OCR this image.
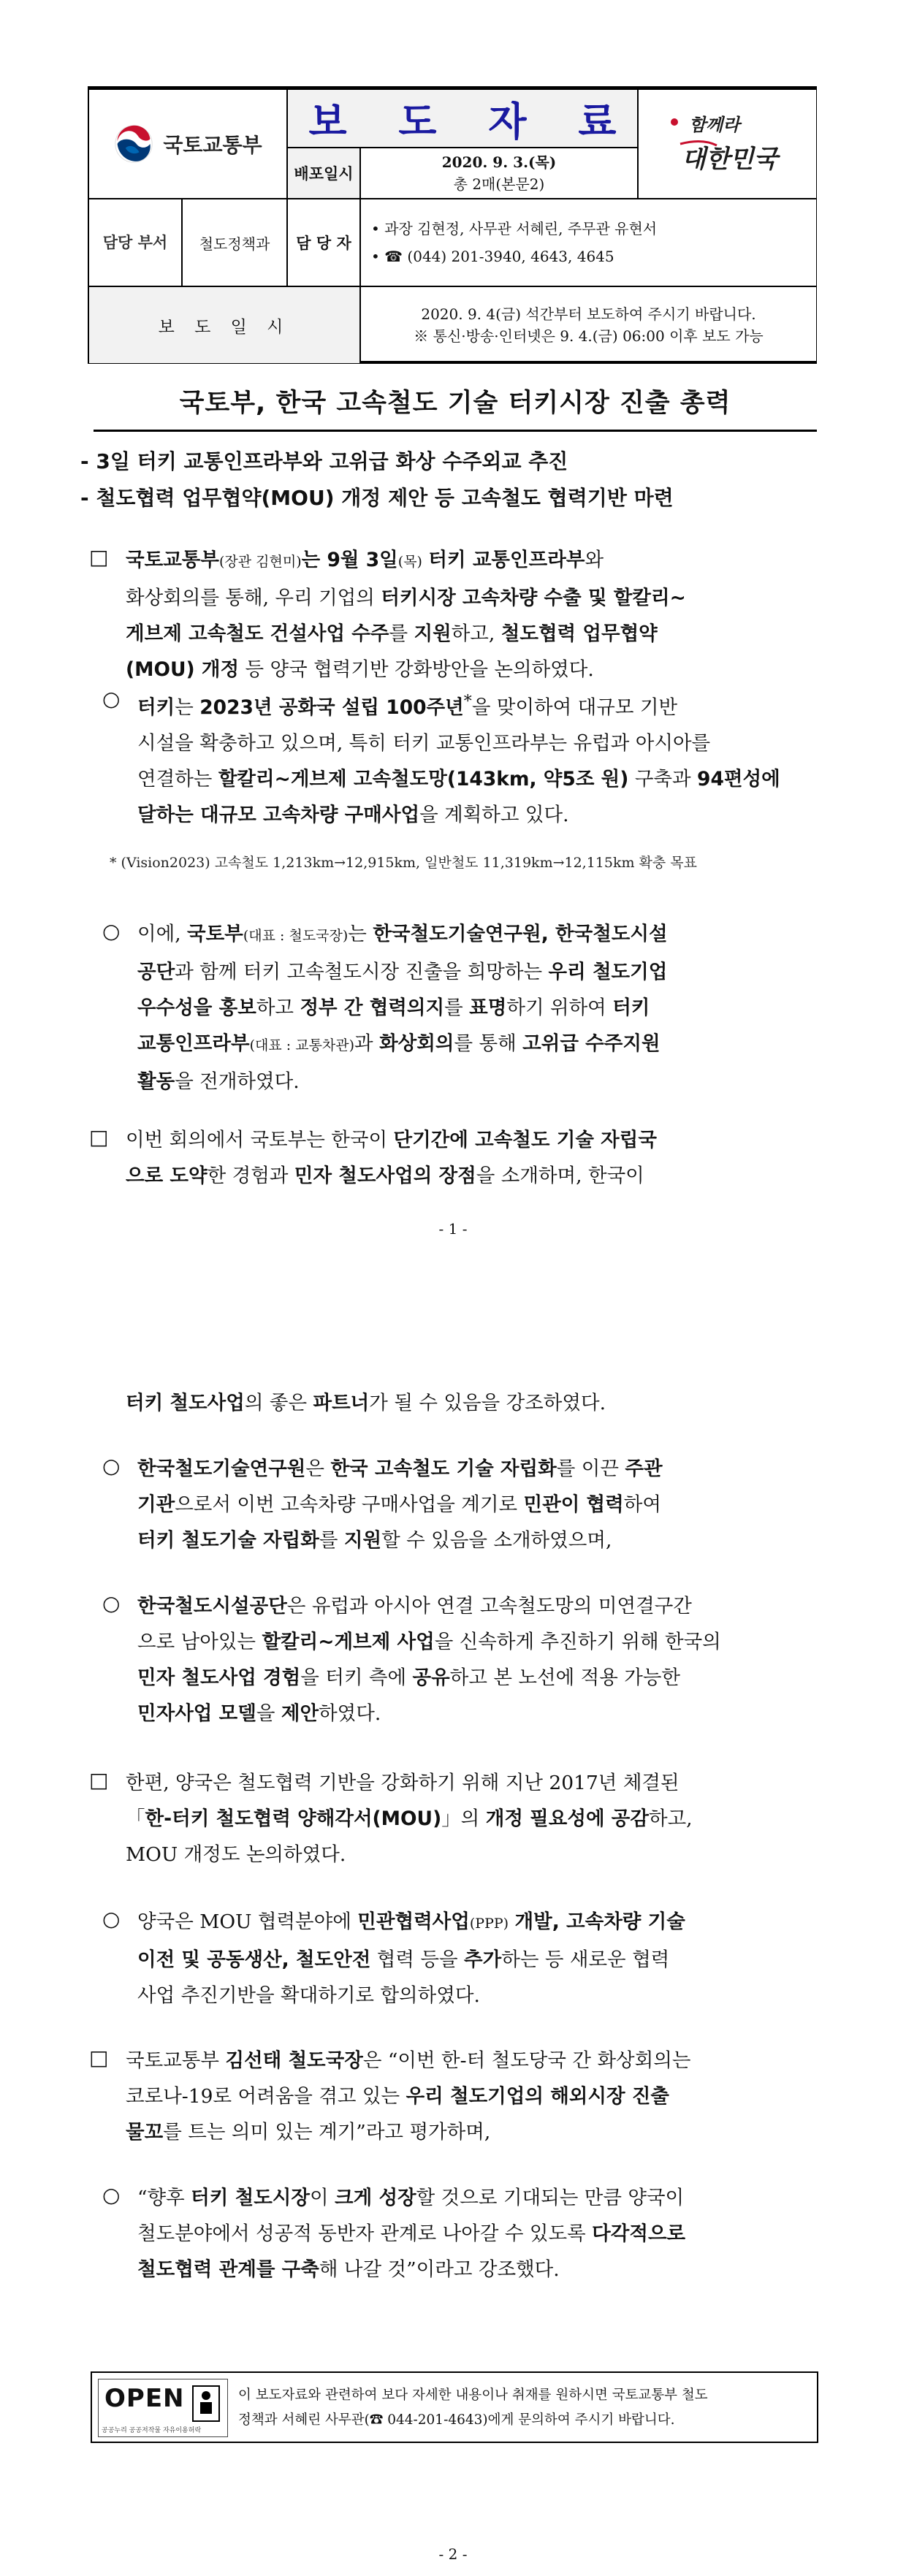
국토교통부
보 도 자 료
배포일시
2020. 9. 3.(목)
총 2매(본문2)
함께라
대한민국
담당 부서	철도정책과	담 당 자
• 과장 김현정, 사무관 서혜린, 주무관 유현서
• ☎ (044) 201-3940, 4643, 4645
보 도 일 시
2020. 9. 4(금) 석간부터 보도하여 주시기 바랍니다.
※ 통신·방송·인터넷은 9. 4.(금) 06:00 이후 보도 가능
국토부, 한국 고속철도 기술 터키시장 진출 총력
- 3일 터키 교통인프라부와 고위급 화상 수주외교 추진
- 철도협력 업무협약(MOU) 개정 제안 등 고속철도 협력기반 마련
□ 국토교통부(장관 김현미)는 9월 3일(목) 터키 교통인프라부와
화상회의를 통해, 우리 기업의 터키시장 고속차량 수출 및 할칼리~
게브제 고속철도 건설사업 수주를 지원하고, 철도협력 업무협약
(MOU) 개정 등 양국 협력기반 강화방안을 논의하였다.
○ 터키는 2023년 공화국 설립 100주년*을 맞이하여 대규모 기반
시설을 확충하고 있으며, 특히 터키 교통인프라부는 유럽과 아시아를
연결하는 할칼리~게브제 고속철도망(143km, 약5조 원) 구축과 94편성에
달하는 대규모 고속차량 구매사업을 계획하고 있다.
* (Vision2023) 고속철도 1,213km→12,915km, 일반철도 11,319km→12,115km 확충 목표
○ 이에, 국토부(대표 : 철도국장)는 한국철도기술연구원, 한국철도시설
공단과 함께 터키 고속철도시장 진출을 희망하는 우리 철도기업
우수성을 홍보하고 정부 간 협력의지를 표명하기 위하여 터키
교통인프라부(대표 : 교통차관)과 화상회의를 통해 고위급 수주지원
활동을 전개하였다.
□ 이번 회의에서 국토부는 한국이 단기간에 고속철도 기술 자립국
으로 도약한 경험과 민자 철도사업의 장점을 소개하며, 한국이
- 1 -
터키 철도사업의 좋은 파트너가 될 수 있음을 강조하였다.
○ 한국철도기술연구원은 한국 고속철도 기술 자립화를 이끈 주관
기관으로서 이번 고속차량 구매사업을 계기로 민관이 협력하여
터키 철도기술 자립화를 지원할 수 있음을 소개하였으며,
○ 한국철도시설공단은 유럽과 아시아 연결 고속철도망의 미연결구간
으로 남아있는 할칼리~게브제 사업을 신속하게 추진하기 위해 한국의
민자 철도사업 경험을 터키 측에 공유하고 본 노선에 적용 가능한
민자사업 모델을 제안하였다.
□ 한편, 양국은 철도협력 기반을 강화하기 위해 지난 2017년 체결된
「한-터키 철도협력 양해각서(MOU)」의 개정 필요성에 공감하고,
MOU 개정도 논의하였다.
○ 양국은 MOU 협력분야에 민관협력사업(PPP) 개발, 고속차량 기술
이전 및 공동생산, 철도안전 협력 등을 추가하는 등 새로운 협력
사업 추진기반을 확대하기로 합의하였다.
□ 국토교통부 김선태 철도국장은 “이번 한-터 철도당국 간 화상회의는
코로나-19로 어려움을 겪고 있는 우리 철도기업의 해외시장 진출
물꼬를 트는 의미 있는 계기”라고 평가하며,
○ “향후 터키 철도시장이 크게 성장할 것으로 기대되는 만큼 양국이
철도분야에서 성공적 동반자 관계로 나아갈 수 있도록 다각적으로
철도협력 관계를 구축해 나갈 것”이라고 강조했다.
OPEN
공공누리 공공저작물 자유이용허락
이 보도자료와 관련하여 보다 자세한 내용이나 취재를 원하시면 국토교통부 철도
정책과 서혜린 사무관(☎ 044-201-4643)에게 문의하여 주시기 바랍니다.
- 2 -
